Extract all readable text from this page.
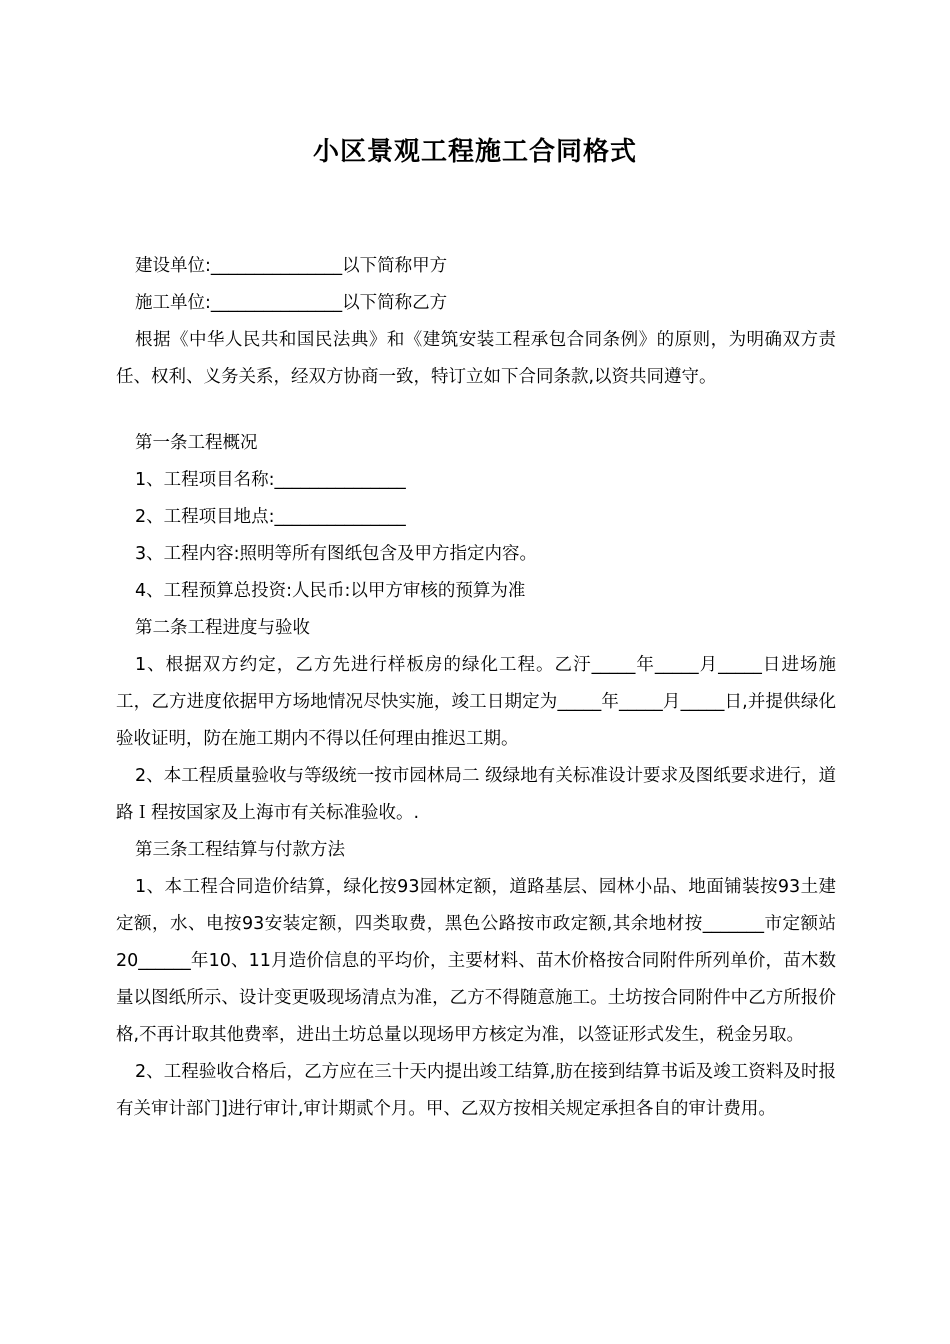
小区景观工程施工合同格式

建设单位:_______________以下简称甲方

施工单位:_______________以下简称乙方

根据《中华人民共和国民法典》和《建筑安装工程承包合同条例》的原则，为明确双方责任、权利、义务关系，经双方协商一致，特订立如下合同条款,以资共同遵守。

第一条工程概况

1、工程项目名称:_______________

2、工程项目地点:_______________

3、工程内容:照明等所有图纸包含及甲方指定内容。

4、工程预算总投资:人民币:以甲方审核的预算为准

第二条工程进度与验收

1、根据双方约定，乙方先进行样板房的绿化工程。乙汙_____年_____月_____日进场施工，乙方进度依据甲方场地情况尽快实施，竣工日期定为_____年_____月_____日,并提供绿化验收证明，防在施工期内不得以任何理由推迟工期。

2、本工程质量验收与等级统一按市园林局二 级绿地有关标准设计要求及图纸要求进行，道路Ｉ程按国家及上海市有关标准验收。.

第三条工程结算与付款方法

1、本工程合同造价结算，绿化按93园林定额，道路基层、园林小品、地面铺装按93土建定额，水、电按93安装定额，四类取费，黑色公路按市政定额,其余地材按_______市定额站20______年10、11月造价信息的平均价，主要材料、苗木价格按合同附件所列单价，苗木数量以图纸所示、设计变更吸现场清点为准，乙方不得随意施工。土坊按合同附件中乙方所报价格,不再计取其他费率，进出土坊总量以现场甲方核定为准，以签证形式发生，税金另取。

2、工程验收合格后，乙方应在三十天内提出竣工结算,肪在接到结算书诟及竣工资料及时报有关审计部门]进行审计,审计期贰个月。甲、乙双方按相关规定承担各自的审计费用。
